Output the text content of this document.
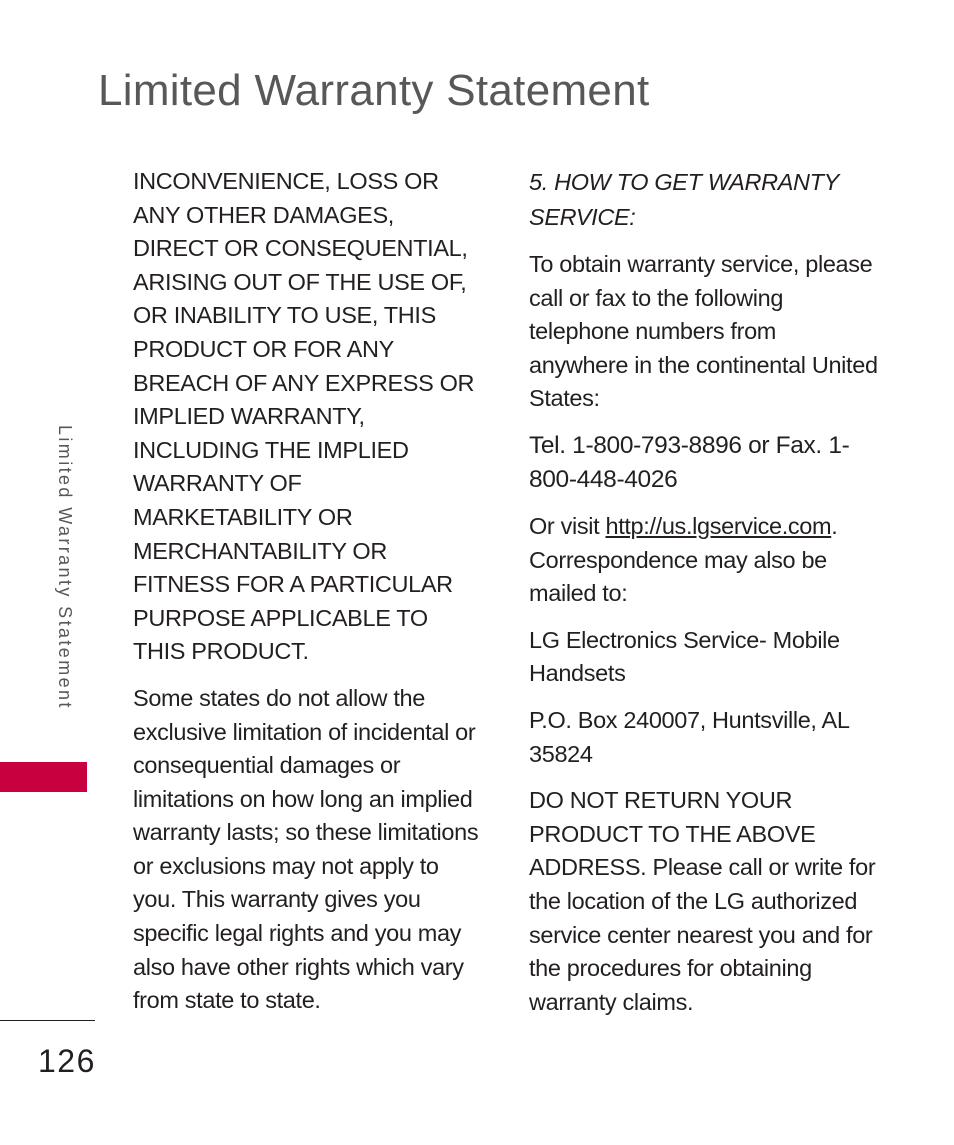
Limited Warranty Statement
Limited Warranty Statement
126

INCONVENIENCE, LOSS OR ANY OTHER DAMAGES, DIRECT OR CONSEQUENTIAL, ARISING OUT OF THE USE OF, OR INABILITY TO USE, THIS PRODUCT OR FOR ANY BREACH OF ANY EXPRESS OR IMPLIED WARRANTY, INCLUDING THE IMPLIED WARRANTY OF MARKETABILITY OR MERCHANTABILITY OR FITNESS FOR A PARTICULAR PURPOSE APPLICABLE TO THIS PRODUCT.

Some states do not allow the exclusive limitation of incidental or consequential damages or limitations on how long an implied warranty lasts; so these limitations or exclusions may not apply to you. This warranty gives you specific legal rights and you may also have other rights which vary from state to state.

5. HOW TO GET WARRANTY SERVICE:

To obtain warranty service, please call or fax to the following telephone numbers from anywhere in the continental United States:

Tel. 1-800-793-8896 or Fax. 1-800-448-4026

Or visit http://us.lgservice.com. Correspondence may also be mailed to:

LG Electronics Service- Mobile Handsets

P.O. Box 240007, Huntsville, AL 35824

DO NOT RETURN YOUR PRODUCT TO THE ABOVE ADDRESS. Please call or write for the location of the LG authorized service center nearest you and for the procedures for obtaining warranty claims.
